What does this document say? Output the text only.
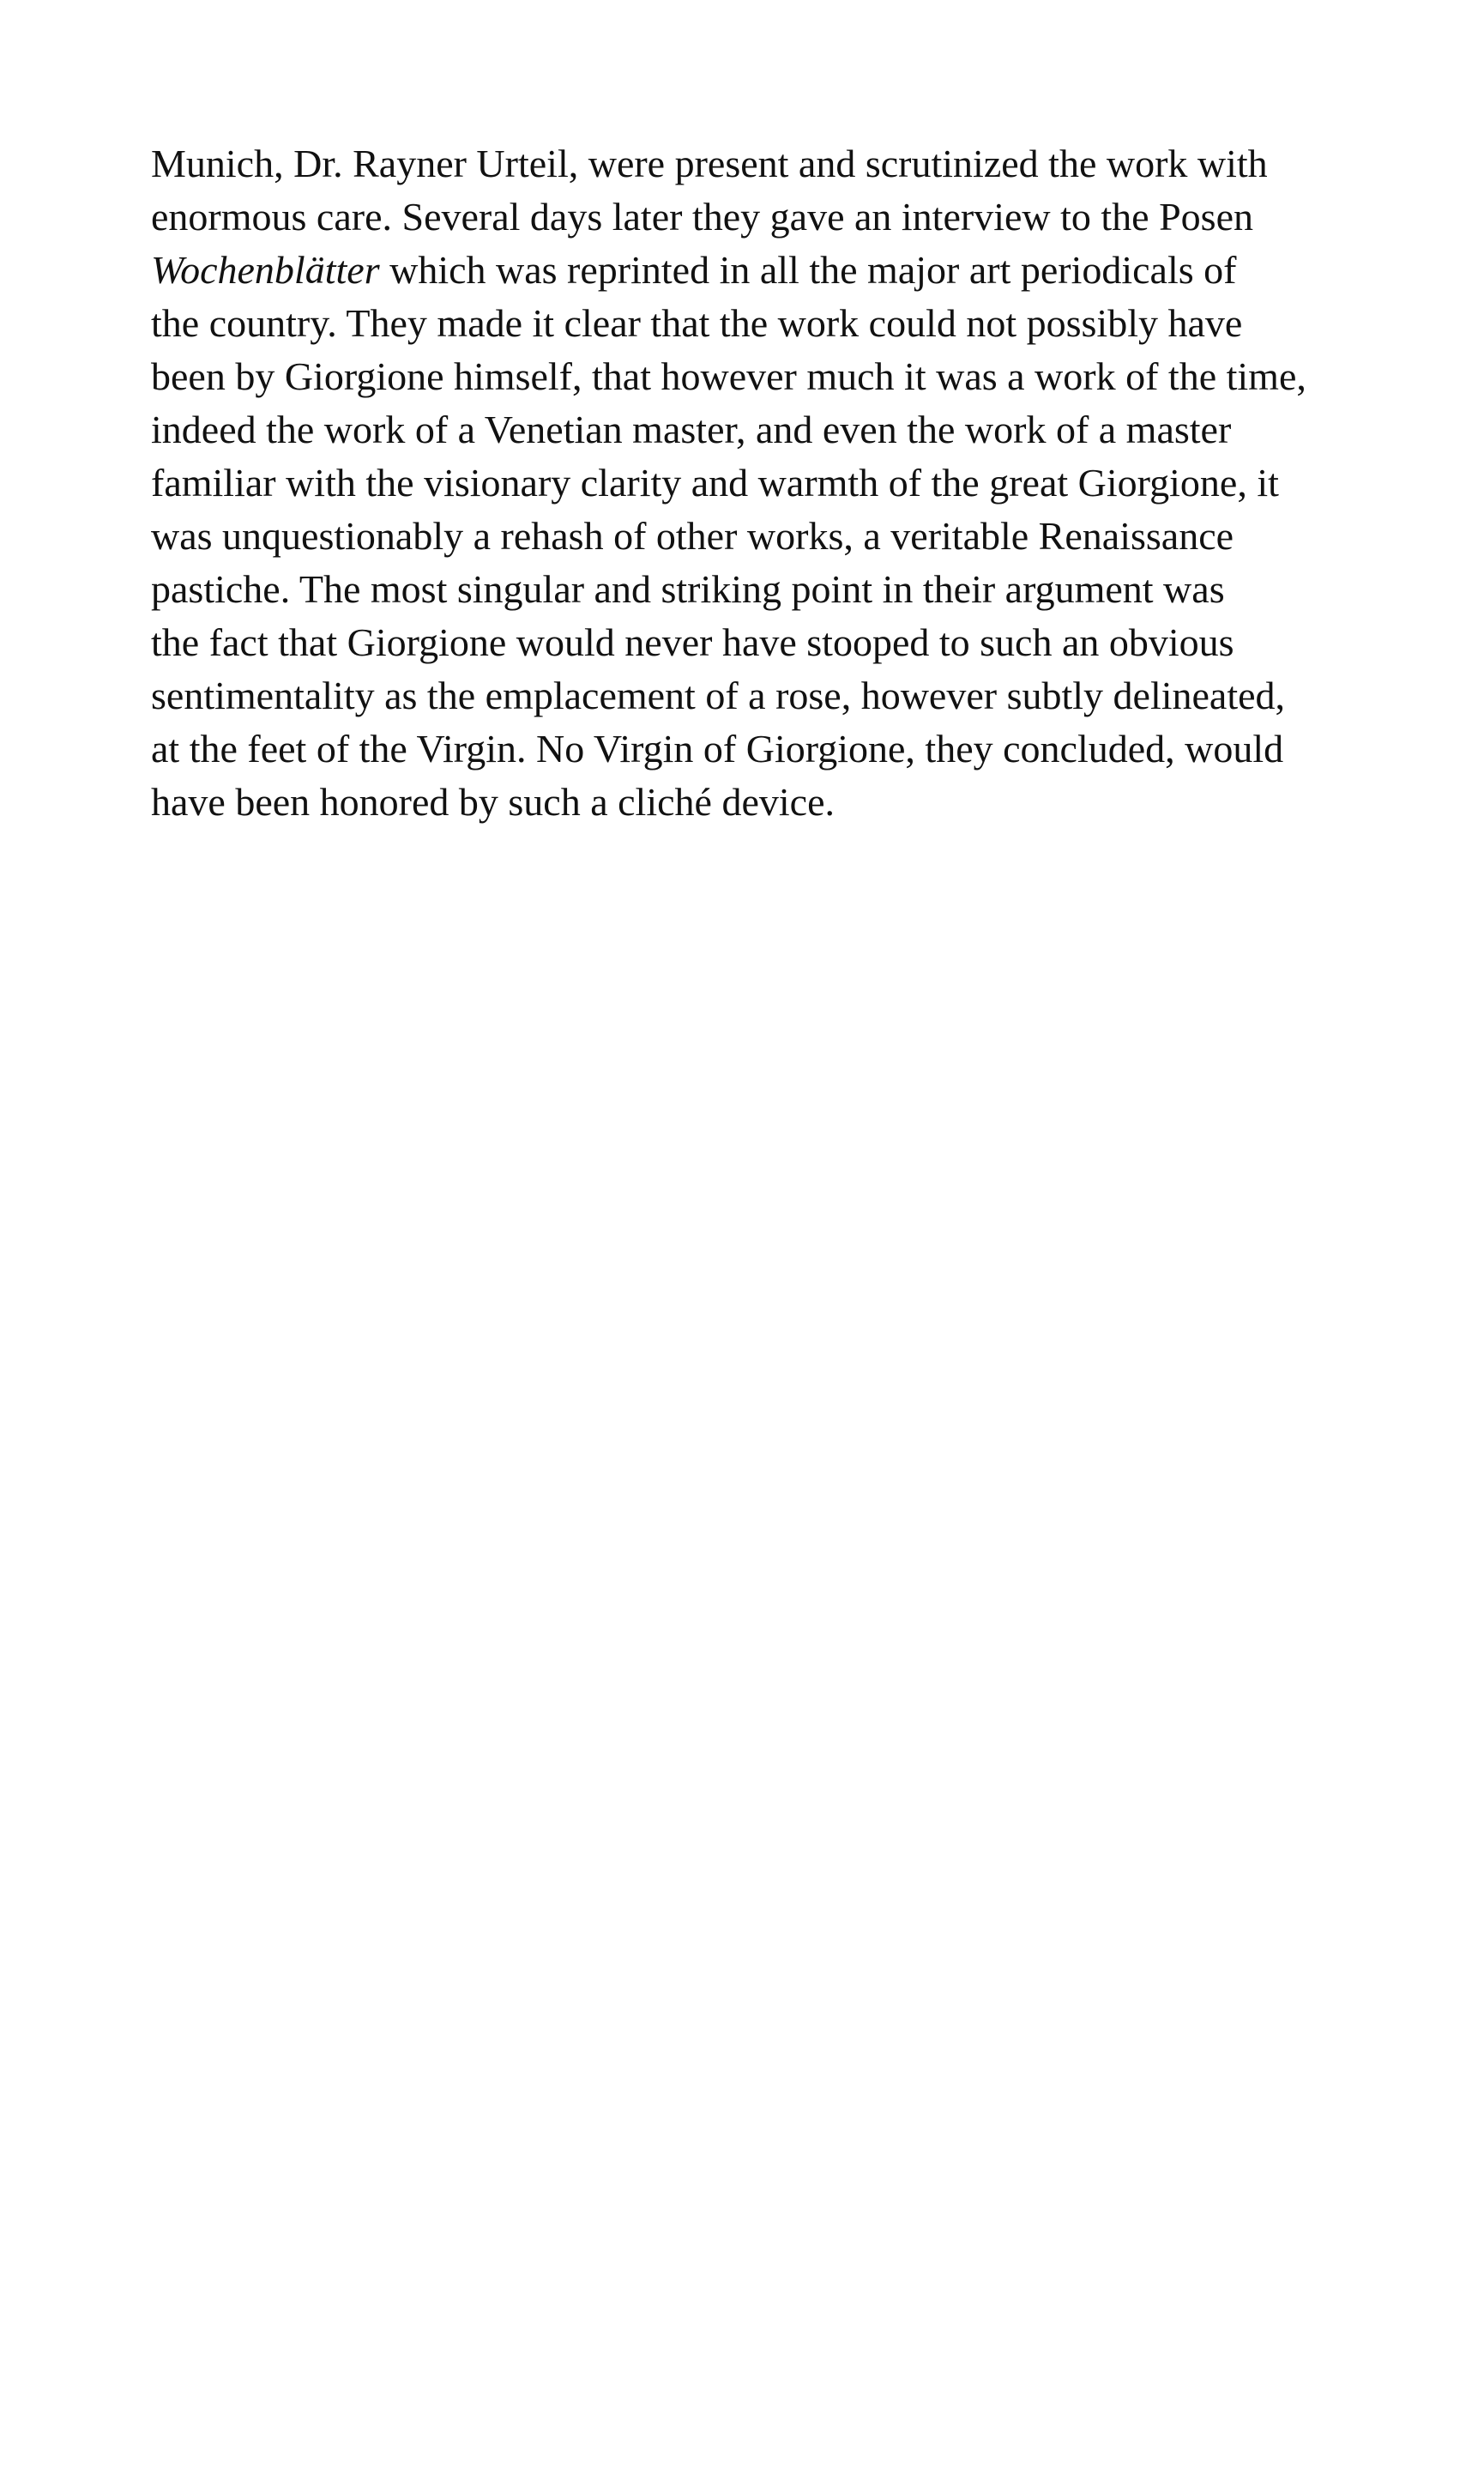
Munich, Dr. Rayner Urteil, were present and scrutinized the work with
enormous care. Several days later they gave an interview to the Posen
Wochenblätter which was reprinted in all the major art periodicals of
the country. They made it clear that the work could not possibly have
been by Giorgione himself, that however much it was a work of the time,
indeed the work of a Venetian master, and even the work of a master
familiar with the visionary clarity and warmth of the great Giorgione, it
was unquestionably a rehash of other works, a veritable Renaissance
pastiche. The most singular and striking point in their argument was
the fact that Giorgione would never have stooped to such an obvious
sentimentality as the emplacement of a rose, however subtly delineated,
at the feet of the Virgin. No Virgin of Giorgione, they concluded, would
have been honored by such a cliché device.
